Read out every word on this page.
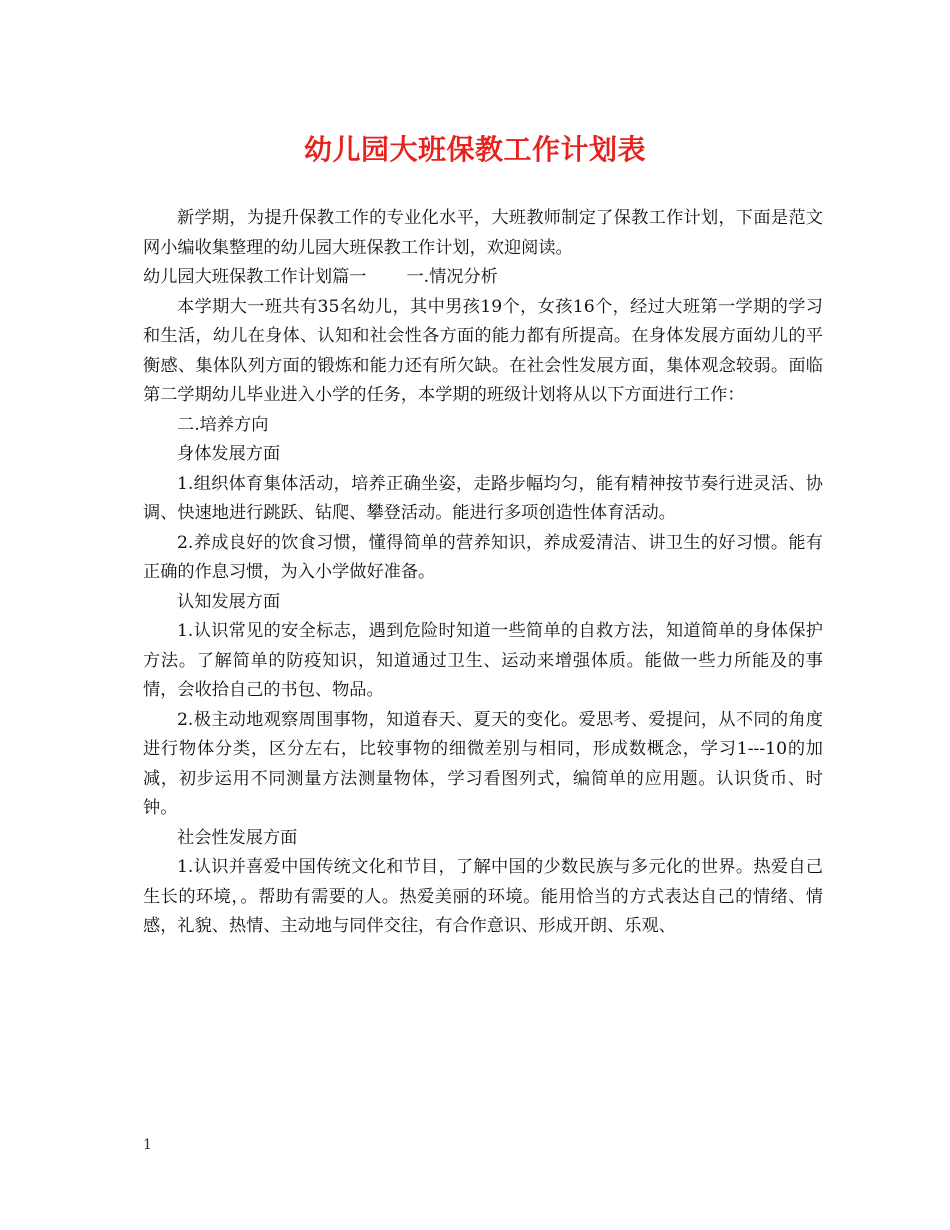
幼儿园大班保教工作计划表

新学期，为提升保教工作的专业化水平，大班教师制定了保教工作计划，下面是范文网小编收集整理的幼儿园大班保教工作计划，欢迎阅读。

幼儿园大班保教工作计划篇一 一.情况分析

本学期大一班共有35名幼儿，其中男孩19个，女孩16个，经过大班第一学期的学习和生活，幼儿在身体、认知和社会性各方面的能力都有所提高。在身体发展方面幼儿的平衡感、集体队列方面的锻炼和能力还有所欠缺。在社会性发展方面，集体观念较弱。面临第二学期幼儿毕业进入小学的任务，本学期的班级计划将从以下方面进行工作：

二.培养方向

身体发展方面

1.组织体育集体活动，培养正确坐姿，走路步幅均匀，能有精神按节奏行进灵活、协调、快速地进行跳跃、钻爬、攀登活动。能进行多项创造性体育活动。

2.养成良好的饮食习惯，懂得简单的营养知识，养成爱清洁、讲卫生的好习惯。能有正确的作息习惯，为入小学做好准备。

认知发展方面

1.认识常见的安全标志，遇到危险时知道一些简单的自救方法，知道简单的身体保护方法。了解简单的防疫知识，知道通过卫生、运动来增强体质。能做一些力所能及的事情，会收拾自己的书包、物品。

2.极主动地观察周围事物，知道春天、夏天的变化。爱思考、爱提问，从不同的角度进行物体分类，区分左右，比较事物的细微差别与相同，形成数概念，学习1---10的加减，初步运用不同测量方法测量物体，学习看图列式，编简单的应用题。认识货币、时钟。

社会性发展方面

1.认识并喜爱中国传统文化和节目，了解中国的少数民族与多元化的世界。热爱自己生长的环境，。帮助有需要的人。热爱美丽的环境。能用恰当的方式表达自己的情绪、情感，礼貌、热情、主动地与同伴交往，有合作意识、形成开朗、乐观、

1
